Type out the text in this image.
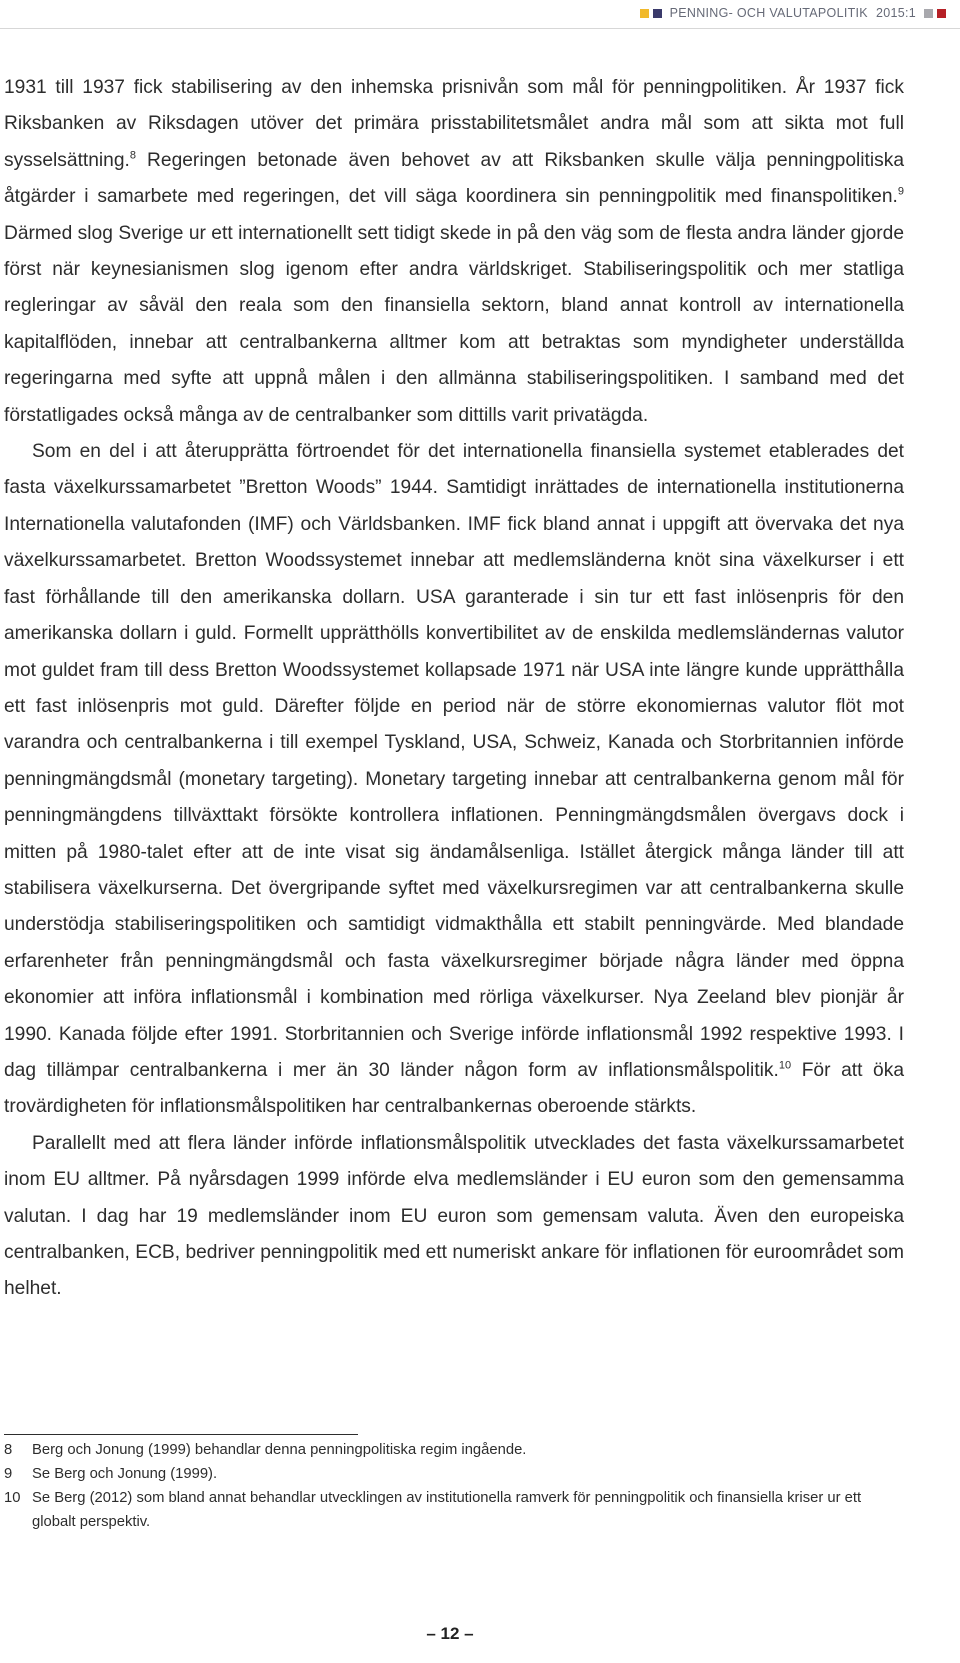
PENNING- OCH VALUTAPOLITIK 2015:1

1931 till 1937 fick stabilisering av den inhemska prisnivån som mål för penningpolitiken. År 1937 fick Riksbanken av Riksdagen utöver det primära prisstabilitetsmålet andra mål som att sikta mot full sysselsättning.$^8$ Regeringen betonade även behovet av att Riksbanken skulle välja penningpolitiska åtgärder i samarbete med regeringen, det vill säga koordinera sin penningpolitik med finanspolitiken.$^9$ Därmed slog Sverige ur ett internationellt sett tidigt skede in på den väg som de flesta andra länder gjorde först när keynesianismen slog igenom efter andra världskriget. Stabiliseringspolitik och mer statliga regleringar av såväl den reala som den finansiella sektorn, bland annat kontroll av internationella kapitalflöden, innebar att centralbankerna alltmer kom att betraktas som myndigheter underställda regeringarna med syfte att uppnå målen i den allmänna stabiliseringspolitiken. I samband med det förstatligades också många av de centralbanker som dittills varit privatägda.

Som en del i att återupprätta förtroendet för det internationella finansiella systemet etablerades det fasta växelkurssamarbetet ”Bretton Woods” 1944. Samtidigt inrättades de internationella institutionerna Internationella valutafonden (IMF) och Världsbanken. IMF fick bland annat i uppgift att övervaka det nya växelkurssamarbetet. Bretton Woodssystemet innebar att medlemsländerna knöt sina växelkurser i ett fast förhållande till den amerikanska dollarn. USA garanterade i sin tur ett fast inlösenpris för den amerikanska dollarn i guld. Formellt upprätthölls konvertibilitet av de enskilda medlemsländernas valutor mot guldet fram till dess Bretton Woodssystemet kollapsade 1971 när USA inte längre kunde upprätthålla ett fast inlösenpris mot guld. Därefter följde en period när de större ekonomiernas valutor flöt mot varandra och centralbankerna i till exempel Tyskland, USA, Schweiz, Kanada och Storbritannien införde penningmängdsmål (monetary targeting). Monetary targeting innebar att centralbankerna genom mål för penningmängdens tillväxttakt försökte kontrollera inflationen. Penningmängdsmålen övergavs dock i mitten på 1980-talet efter att de inte visat sig ändamålsenliga. Istället återgick många länder till att stabilisera växelkurserna. Det övergripande syftet med växelkursregimen var att centralbankerna skulle understödja stabiliseringspolitiken och samtidigt vidmakthålla ett stabilt penningvärde. Med blandade erfarenheter från penningmängdsmål och fasta växelkursregimer började några länder med öppna ekonomier att införa inflationsmål i kombination med rörliga växelkurser. Nya Zeeland blev pionjär år 1990. Kanada följde efter 1991. Storbritannien och Sverige införde inflationsmål 1992 respektive 1993. I dag tillämpar centralbankerna i mer än 30 länder någon form av inflationsmålspolitik.$^{10}$ För att öka trovärdigheten för inflationsmålspolitiken har centralbankernas oberoende stärkts.

Parallellt med att flera länder införde inflationsmålspolitik utvecklades det fasta växelkurssamarbetet inom EU alltmer. På nyårsdagen 1999 införde elva medlemsländer i EU euron som den gemensamma valutan. I dag har 19 medlemsländer inom EU euron som gemensam valuta. Även den europeiska centralbanken, ECB, bedriver penningpolitik med ett numeriskt ankare för inflationen för euroområdet som helhet.

8	Berg och Jonung (1999) behandlar denna penningpolitiska regim ingående.
9	Se Berg och Jonung (1999).
10 Se Berg (2012) som bland annat behandlar utvecklingen av institutionella ramverk för penningpolitik och finansiella kriser ur ett globalt perspektiv.
– 12 –
